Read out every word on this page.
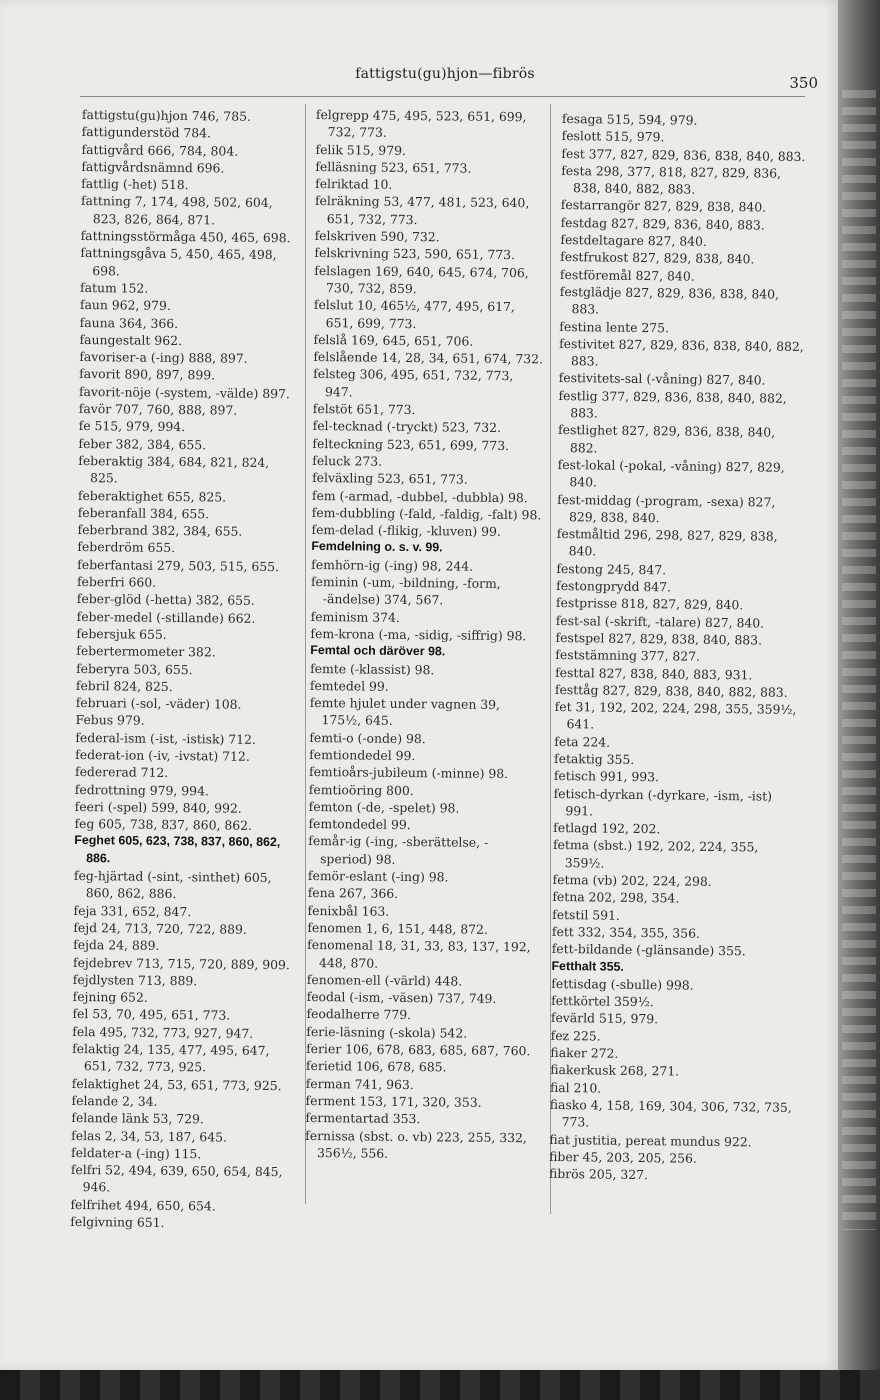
fattigstu(gu)hjon—fibrös	350
fattigstu(gu)hjon 746, 785.
fattigunderstöd 784.
fattigvård 666, 784, 804.
fattigvårdsnämnd 696.
fattlig (-het) 518.
fattning 7, 174, 498, 502, 604, 823, 826, 864, 871.
fattningsstörmåga 450, 465, 698.
fattningsgåva 5, 450, 465, 498, 698.
fatum 152.
faun 962, 979.
fauna 364, 366.
faungestalt 962.
favoriser-a (-ing) 888, 897.
favorit 890, 897, 899.
favorit-nöje (-system, -välde) 897.
favör 707, 760, 888, 897.
fe 515, 979, 994.
feber 382, 384, 655.
feberaktig 384, 684, 821, 824, 825.
feberaktighet 655, 825.
feberanfall 384, 655.
feberbrand 382, 384, 655.
feberdröm 655.
feberfantasi 279, 503, 515, 655.
feberfri 660.
feber-glöd (-hetta) 382, 655.
feber-medel (-stillande) 662.
febersjuk 655.
febertermometer 382.
feberyra 503, 655.
febril 824, 825.
februari (-sol, -väder) 108.
Febus 979.
federal-ism (-ist, -istisk) 712.
federat-ion (-iv, -ivstat) 712.
federerad 712.
fedrottning 979, 994.
feeri (-spel) 599, 840, 992.
feg 605, 738, 837, 860, 862.
Feghet 605, 623, 738, 837, 860, 862, 886.
feg-hjärtad (-sint, -sinthet) 605, 860, 862, 886.
feja 331, 652, 847.
fejd 24, 713, 720, 722, 889.
fejda 24, 889.
fejdebrev 713, 715, 720, 889, 909.
fejdlysten 713, 889.
fejning 652.
fel 53, 70, 495, 651, 773.
fela 495, 732, 773, 927, 947.
felaktig 24, 135, 477, 495, 647, 651, 732, 773, 925.
felaktighet 24, 53, 651, 773, 925.
felande 2, 34.
felande länk 53, 729.
felas 2, 34, 53, 187, 645.
feldater-a (-ing) 115.
felfri 52, 494, 639, 650, 654, 845, 946.
felfrihet 494, 650, 654.
felgivning 651.
felgrepp 475, 495, 523, 651, 699, 732, 773.
felik 515, 979.
felläsning 523, 651, 773.
felriktad 10.
felräkning 53, 477, 481, 523, 640, 651, 732, 773.
felskriven 590, 732.
felskrivning 523, 590, 651, 773.
felslagen 169, 640, 645, 674, 706, 730, 732, 859.
felslut 10, 465½, 477, 495, 617, 651, 699, 773.
felslå 169, 645, 651, 706.
felslående 14, 28, 34, 651, 674, 732.
felsteg 306, 495, 651, 732, 773, 947.
felstöt 651, 773.
fel-tecknad (-tryckt) 523, 732.
felteckning 523, 651, 699, 773.
feluck 273.
felväxling 523, 651, 773.
fem (-armad, -dubbel, -dubbla) 98.
fem-dubbling (-fald, -faldig, -falt) 98.
fem-delad (-flikig, -kluven) 99.
Femdelning o. s. v. 99.
femhörn-ig (-ing) 98, 244.
feminin (-um, -bildning, -form, -ändelse) 374, 567.
feminism 374.
fem-krona (-ma, -sidig, -siffrig) 98.
Femtal och däröver 98.
femte (-klassist) 98.
femtedel 99.
femte hjulet under vagnen 39, 175½, 645.
femti-o (-onde) 98.
femtiondedel 99.
femtioårs-jubileum (-minne) 98.
femtioöring 800.
femton (-de, -spelet) 98.
femtondedel 99.
femår-ig (-ing, -sberättelse, -speriod) 98.
femör-eslant (-ing) 98.
fena 267, 366.
fenixbål 163.
fenomen 1, 6, 151, 448, 872.
fenomenal 18, 31, 33, 83, 137, 192, 448, 870.
fenomen-ell (-värld) 448.
feodal (-ism, -väsen) 737, 749.
feodalherre 779.
ferie-läsning (-skola) 542.
ferier 106, 678, 683, 685, 687, 760.
ferietid 106, 678, 685.
ferman 741, 963.
ferment 153, 171, 320, 353.
fermentartad 353.
fernissa (sbst. o. vb) 223, 255, 332, 356½, 556.
fesaga 515, 594, 979.
feslott 515, 979.
fest 377, 827, 829, 836, 838, 840, 883.
festa 298, 377, 818, 827, 829, 836, 838, 840, 882, 883.
festarrangör 827, 829, 838, 840.
festdag 827, 829, 836, 840, 883.
festdeltagare 827, 840.
festfrukost 827, 829, 838, 840.
festföremål 827, 840.
festglädje 827, 829, 836, 838, 840, 883.
festina lente 275.
festivitet 827, 829, 836, 838, 840, 882, 883.
festivitets-sal (-våning) 827, 840.
festlig 377, 829, 836, 838, 840, 882, 883.
festlighet 827, 829, 836, 838, 840, 882.
fest-lokal (-pokal, -våning) 827, 829, 840.
fest-middag (-program, -sexa) 827, 829, 838, 840.
festmåltid 296, 298, 827, 829, 838, 840.
festong 245, 847.
festongprydd 847.
festprisse 818, 827, 829, 840.
fest-sal (-skrift, -talare) 827, 840.
festspel 827, 829, 838, 840, 883.
feststämning 377, 827.
festtal 827, 838, 840, 883, 931.
festtåg 827, 829, 838, 840, 882, 883.
fet 31, 192, 202, 224, 298, 355, 359½, 641.
feta 224.
fetaktig 355.
fetisch 991, 993.
fetisch-dyrkan (-dyrkare, -ism, -ist) 991.
fetlagd 192, 202.
fetma (sbst.) 192, 202, 224, 355, 359½.
fetma (vb) 202, 224, 298.
fetna 202, 298, 354.
fetstil 591.
fett 332, 354, 355, 356.
fett-bildande (-glänsande) 355.
Fetthalt 355.
fettisdag (-sbulle) 998.
fettkörtel 359½.
fevärld 515, 979.
fez 225.
fiaker 272.
fiakerkusk 268, 271.
fial 210.
fiasko 4, 158, 169, 304, 306, 732, 735, 773.
fiat justitia, pereat mundus 922.
fiber 45, 203, 205, 256.
fibrös 205, 327.
